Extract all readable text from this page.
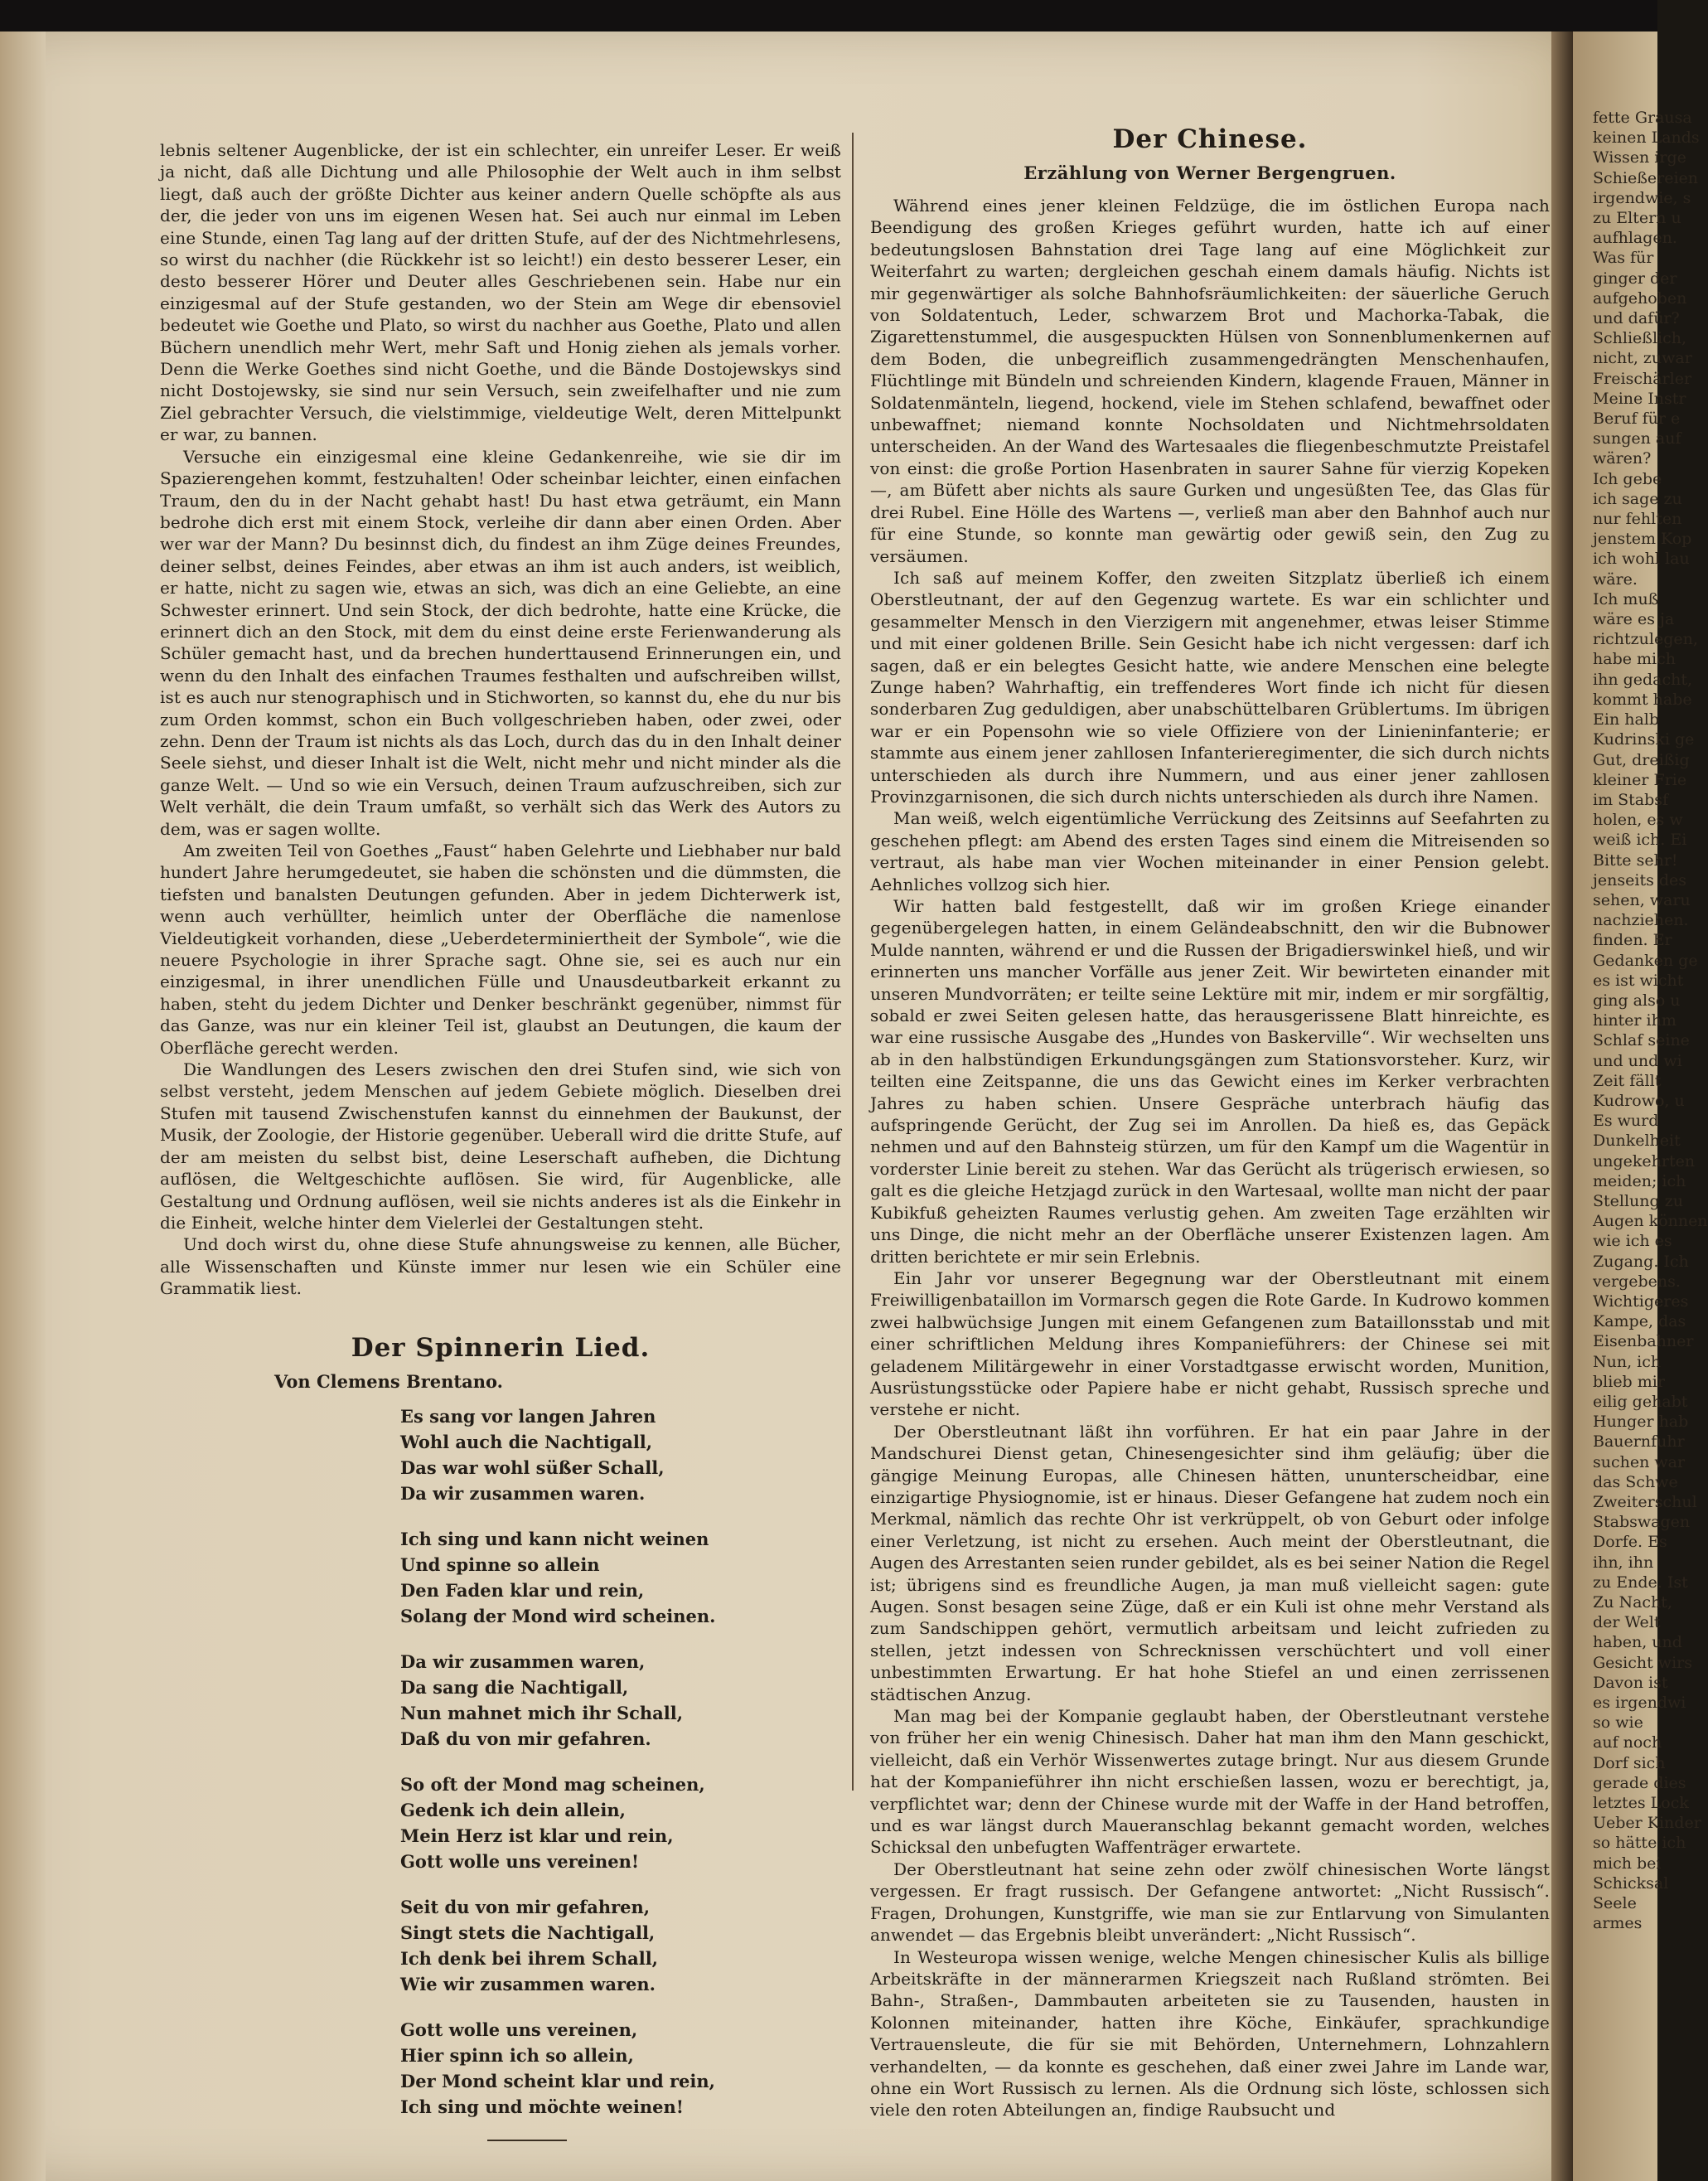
fette Grausa
keinen Lands
Wissen irge
Schießereien
irgendwie, s
zu Eltern u
aufhlagen.
Was für
ginger der
aufgehoben
und dafür?
Schließlich,
nicht, zuwar
Freischärler
Meine Instr
Beruf für e
sungen auf
wären?
Ich gebe
ich sage zu
nur fehlten
jenstem Kop
ich wohl lau
wäre.
Ich muß
wäre es ja
richtzulegen,
habe mich
ihn gedacht,
kommt habe
Ein halb
Kudrinski ge
Gut, dreißig
kleiner Frie
im Stabsf
holen, es w
weiß ich. Ei
Bitte sehr!
jenseits des
sehen, waru
nachziehen.
finden. Er
Gedanken ge
es ist wicht
ging also u
hinter ihm
Schlaf seine
und und wi
Zeit fällt
Kudrowo, u
Es wurd
Dunkelheit
ungekehrten
meiden; ich
Stellung zu
Augen können
wie ich es
Zugang. Ich
vergebens.
Wichtigeres
Kampe, das
Eisenbahner
Nun, ich
blieb mir
eilig gehabt
Hunger hab
Bauernfuhr
suchen war
das Schwe
Zweiterschul
Stabswagen
Dorfe. Es
ihn, ihn
zu Ende. Ist
Zu Nacht,
der Welt
haben, und
Gesicht wirs
Davon ist
es irgendwi
so wie
auf noch
Dorf sich
gerade dies
letztes Lock
Ueber Kinder
so hätte ich
mich bei
Schicksal
Seele
armes

lebnis seltener Augenblicke, der ist ein schlechter, ein unreifer Leser. Er weiß ja nicht, daß alle Dichtung und alle Philosophie der Welt auch in ihm selbst liegt, daß auch der größte Dichter aus keiner andern Quelle schöpfte als aus der, die jeder von uns im eigenen Wesen hat. Sei auch nur einmal im Leben eine Stunde, einen Tag lang auf der dritten Stufe, auf der des Nichtmehrlesens, so wirst du nachher (die Rückkehr ist so leicht!) ein desto besserer Leser, ein desto besserer Hörer und Deuter alles Geschriebenen sein. Habe nur ein einzigesmal auf der Stufe gestanden, wo der Stein am Wege dir ebensoviel bedeutet wie Goethe und Plato, so wirst du nachher aus Goethe, Plato und allen Büchern unendlich mehr Wert, mehr Saft und Honig ziehen als jemals vorher. Denn die Werke Goethes sind nicht Goethe, und die Bände Dostojewskys sind nicht Dostojewsky, sie sind nur sein Versuch, sein zweifelhafter und nie zum Ziel gebrachter Versuch, die vielstimmige, vieldeutige Welt, deren Mittelpunkt er war, zu bannen.

Versuche ein einzigesmal eine kleine Gedankenreihe, wie sie dir im Spazierengehen kommt, festzuhalten! Oder scheinbar leichter, einen einfachen Traum, den du in der Nacht gehabt hast! Du hast etwa geträumt, ein Mann bedrohe dich erst mit einem Stock, verleihe dir dann aber einen Orden. Aber wer war der Mann? Du besinnst dich, du findest an ihm Züge deines Freundes, deiner selbst, deines Feindes, aber etwas an ihm ist auch anders, ist weiblich, er hatte, nicht zu sagen wie, etwas an sich, was dich an eine Geliebte, an eine Schwester erinnert. Und sein Stock, der dich bedrohte, hatte eine Krücke, die erinnert dich an den Stock, mit dem du einst deine erste Ferienwanderung als Schüler gemacht hast, und da brechen hunderttausend Erinnerungen ein, und wenn du den Inhalt des einfachen Traumes festhalten und aufschreiben willst, ist es auch nur stenographisch und in Stichworten, so kannst du, ehe du nur bis zum Orden kommst, schon ein Buch vollgeschrieben haben, oder zwei, oder zehn. Denn der Traum ist nichts als das Loch, durch das du in den Inhalt deiner Seele siehst, und dieser Inhalt ist die Welt, nicht mehr und nicht minder als die ganze Welt. — Und so wie ein Versuch, deinen Traum aufzuschreiben, sich zur Welt verhält, die dein Traum umfaßt, so verhält sich das Werk des Autors zu dem, was er sagen wollte.

Am zweiten Teil von Goethes „Faust“ haben Gelehrte und Liebhaber nur bald hundert Jahre herumgedeutet, sie haben die schönsten und die dümmsten, die tiefsten und banalsten Deutungen gefunden. Aber in jedem Dichterwerk ist, wenn auch verhüllter, heimlich unter der Oberfläche die namenlose Vieldeutigkeit vorhanden, diese „Ueberdeterminiertheit der Symbole“, wie die neuere Psychologie in ihrer Sprache sagt. Ohne sie, sei es auch nur ein einzigesmal, in ihrer unendlichen Fülle und Unausdeutbarkeit erkannt zu haben, steht du jedem Dichter und Denker beschränkt gegenüber, nimmst für das Ganze, was nur ein kleiner Teil ist, glaubst an Deutungen, die kaum der Oberfläche gerecht werden.

Die Wandlungen des Lesers zwischen den drei Stufen sind, wie sich von selbst versteht, jedem Menschen auf jedem Gebiete möglich. Dieselben drei Stufen mit tausend Zwischenstufen kannst du einnehmen der Baukunst, der Musik, der Zoologie, der Historie gegenüber. Ueberall wird die dritte Stufe, auf der am meisten du selbst bist, deine Leserschaft aufheben, die Dichtung auflösen, die Weltgeschichte auflösen. Sie wird, für Augenblicke, alle Gestaltung und Ordnung auflösen, weil sie nichts anderes ist als die Einkehr in die Einheit, welche hinter dem Vielerlei der Gestaltungen steht.

Und doch wirst du, ohne diese Stufe ahnungsweise zu kennen, alle Bücher, alle Wissenschaften und Künste immer nur lesen wie ein Schüler eine Grammatik liest.

Der Spinnerin Lied.
Von Clemens Brentano.
Es sang vor langen Jahren
Wohl auch die Nachtigall,
Das war wohl süßer Schall,
Da wir zusammen waren.
Ich sing und kann nicht weinen
Und spinne so allein
Den Faden klar und rein,
Solang der Mond wird scheinen.
Da wir zusammen waren,
Da sang die Nachtigall,
Nun mahnet mich ihr Schall,
Daß du von mir gefahren.
So oft der Mond mag scheinen,
Gedenk ich dein allein,
Mein Herz ist klar und rein,
Gott wolle uns vereinen!
Seit du von mir gefahren,
Singt stets die Nachtigall,
Ich denk bei ihrem Schall,
Wie wir zusammen waren.
Gott wolle uns vereinen,
Hier spinn ich so allein,
Der Mond scheint klar und rein,
Ich sing und möchte weinen!
Der Chinese.
Erzählung von Werner Bergengruen.

Während eines jener kleinen Feldzüge, die im östlichen Europa nach Beendigung des großen Krieges geführt wurden, hatte ich auf einer bedeutungslosen Bahnstation drei Tage lang auf eine Möglichkeit zur Weiterfahrt zu warten; dergleichen geschah einem damals häufig. Nichts ist mir gegenwärtiger als solche Bahnhofsräumlichkeiten: der säuerliche Geruch von Soldatentuch, Leder, schwarzem Brot und Machorka-Tabak, die Zigarettenstummel, die ausgespuckten Hülsen von Sonnenblumenkernen auf dem Boden, die unbegreiflich zusammengedrängten Menschenhaufen, Flüchtlinge mit Bündeln und schreienden Kindern, klagende Frauen, Männer in Soldatenmänteln, liegend, hockend, viele im Stehen schlafend, bewaffnet oder unbewaffnet; niemand konnte Nochsoldaten und Nichtmehrsoldaten unterscheiden. An der Wand des Wartesaales die fliegenbeschmutzte Preistafel von einst: die große Portion Hasenbraten in saurer Sahne für vierzig Kopeken —, am Büfett aber nichts als saure Gurken und ungesüßten Tee, das Glas für drei Rubel. Eine Hölle des Wartens —, verließ man aber den Bahnhof auch nur für eine Stunde, so konnte man gewärtig oder gewiß sein, den Zug zu versäumen.

Ich saß auf meinem Koffer, den zweiten Sitzplatz überließ ich einem Oberstleutnant, der auf den Gegenzug wartete. Es war ein schlichter und gesammelter Mensch in den Vierzigern mit angenehmer, etwas leiser Stimme und mit einer goldenen Brille. Sein Gesicht habe ich nicht vergessen: darf ich sagen, daß er ein belegtes Gesicht hatte, wie andere Menschen eine belegte Zunge haben? Wahrhaftig, ein treffenderes Wort finde ich nicht für diesen sonderbaren Zug geduldigen, aber unabschüttelbaren Grüblertums. Im übrigen war er ein Popensohn wie so viele Offiziere von der Linieninfanterie; er stammte aus einem jener zahllosen Infanterieregimenter, die sich durch nichts unterschieden als durch ihre Nummern, und aus einer jener zahllosen Provinzgarnisonen, die sich durch nichts unterschieden als durch ihre Namen.

Man weiß, welch eigentümliche Verrückung des Zeitsinns auf Seefahrten zu geschehen pflegt: am Abend des ersten Tages sind einem die Mitreisenden so vertraut, als habe man vier Wochen miteinander in einer Pension gelebt. Aehnliches vollzog sich hier.

Wir hatten bald festgestellt, daß wir im großen Kriege einander gegenübergelegen hatten, in einem Geländeabschnitt, den wir die Bubnower Mulde nannten, während er und die Russen der Brigadierswinkel hieß, und wir erinnerten uns mancher Vorfälle aus jener Zeit. Wir bewirteten einander mit unseren Mundvorräten; er teilte seine Lektüre mit mir, indem er mir sorgfältig, sobald er zwei Seiten gelesen hatte, das herausgerissene Blatt hinreichte, es war eine russische Ausgabe des „Hundes von Baskerville“. Wir wechselten uns ab in den halbstündigen Erkundungsgängen zum Stationsvorsteher. Kurz, wir teilten eine Zeitspanne, die uns das Gewicht eines im Kerker verbrachten Jahres zu haben schien. Unsere Gespräche unterbrach häufig das aufspringende Gerücht, der Zug sei im Anrollen. Da hieß es, das Gepäck nehmen und auf den Bahnsteig stürzen, um für den Kampf um die Wagentür in vorderster Linie bereit zu stehen. War das Gerücht als trügerisch erwiesen, so galt es die gleiche Hetzjagd zurück in den Wartesaal, wollte man nicht der paar Kubikfuß geheizten Raumes verlustig gehen. Am zweiten Tage erzählten wir uns Dinge, die nicht mehr an der Oberfläche unserer Existenzen lagen. Am dritten berichtete er mir sein Erlebnis.

Ein Jahr vor unserer Begegnung war der Oberstleutnant mit einem Freiwilligenbataillon im Vormarsch gegen die Rote Garde. In Kudrowo kommen zwei halbwüchsige Jungen mit einem Gefangenen zum Bataillonsstab und mit einer schriftlichen Meldung ihres Kompanieführers: der Chinese sei mit geladenem Militärgewehr in einer Vorstadtgasse erwischt worden, Munition, Ausrüstungsstücke oder Papiere habe er nicht gehabt, Russisch spreche und verstehe er nicht.

Der Oberstleutnant läßt ihn vorführen. Er hat ein paar Jahre in der Mandschurei Dienst getan, Chinesengesichter sind ihm geläufig; über die gängige Meinung Europas, alle Chinesen hätten, ununterscheidbar, eine einzigartige Physiognomie, ist er hinaus. Dieser Gefangene hat zudem noch ein Merkmal, nämlich das rechte Ohr ist verkrüppelt, ob von Geburt oder infolge einer Verletzung, ist nicht zu ersehen. Auch meint der Oberstleutnant, die Augen des Arrestanten seien runder gebildet, als es bei seiner Nation die Regel ist; übrigens sind es freundliche Augen, ja man muß vielleicht sagen: gute Augen. Sonst besagen seine Züge, daß er ein Kuli ist ohne mehr Verstand als zum Sandschippen gehört, vermutlich arbeitsam und leicht zufrieden zu stellen, jetzt indessen von Schrecknissen verschüchtert und voll einer unbestimmten Erwartung. Er hat hohe Stiefel an und einen zerrissenen städtischen Anzug.

Man mag bei der Kompanie geglaubt haben, der Oberstleutnant verstehe von früher her ein wenig Chinesisch. Daher hat man ihm den Mann geschickt, vielleicht, daß ein Verhör Wissenwertes zutage bringt. Nur aus diesem Grunde hat der Kompanieführer ihn nicht erschießen lassen, wozu er berechtigt, ja, verpflichtet war; denn der Chinese wurde mit der Waffe in der Hand betroffen, und es war längst durch Maueranschlag bekannt gemacht worden, welches Schicksal den unbefugten Waffenträger erwartete.

Der Oberstleutnant hat seine zehn oder zwölf chinesischen Worte längst vergessen. Er fragt russisch. Der Gefangene antwortet: „Nicht Russisch“. Fragen, Drohungen, Kunstgriffe, wie man sie zur Entlarvung von Simulanten anwendet — das Ergebnis bleibt unverändert: „Nicht Russisch“.

In Westeuropa wissen wenige, welche Mengen chinesischer Kulis als billige Arbeitskräfte in der männerarmen Kriegszeit nach Rußland strömten. Bei Bahn-, Straßen-, Dammbauten arbeiteten sie zu Tausenden, hausten in Kolonnen miteinander, hatten ihre Köche, Einkäufer, sprachkundige Vertrauensleute, die für sie mit Behörden, Unternehmern, Lohnzahlern verhandelten, — da konnte es geschehen, daß einer zwei Jahre im Lande war, ohne ein Wort Russisch zu lernen. Als die Ordnung sich löste, schlossen sich viele den roten Abteilungen an, findige Raubsucht und
